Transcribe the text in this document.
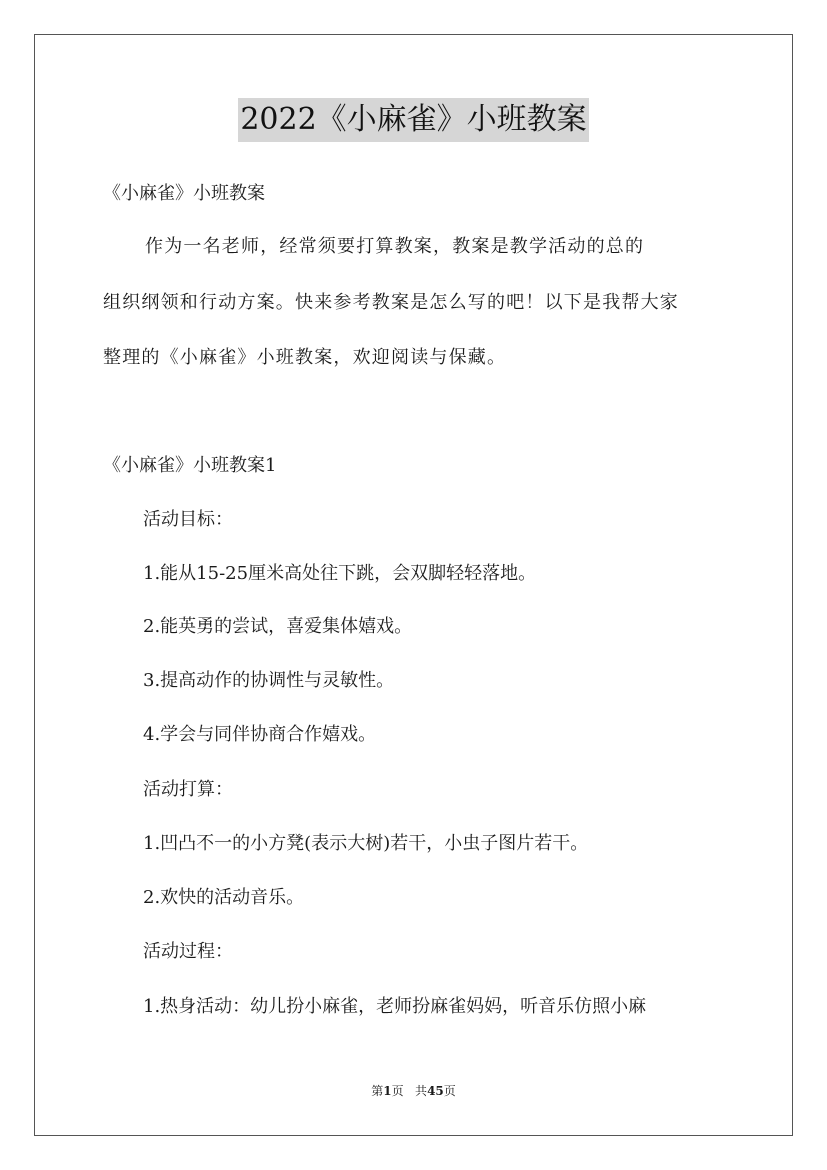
2022《小麻雀》小班教案
《小麻雀》小班教案
作为一名老师，经常须要打算教案，教案是教学活动的总的
组织纲领和行动方案。快来参考教案是怎么写的吧！以下是我帮大家
整理的《小麻雀》小班教案，欢迎阅读与保藏。
《小麻雀》小班教案1
活动目标：
1.能从15-25厘米高处往下跳，会双脚轻轻落地。
2.能英勇的尝试，喜爱集体嬉戏。
3.提高动作的协调性与灵敏性。
4.学会与同伴协商合作嬉戏。
活动打算：
1.凹凸不一的小方凳(表示大树)若干，小虫子图片若干。
2.欢快的活动音乐。
活动过程：
1.热身活动：幼儿扮小麻雀，老师扮麻雀妈妈，听音乐仿照小麻
第1页 共45页
